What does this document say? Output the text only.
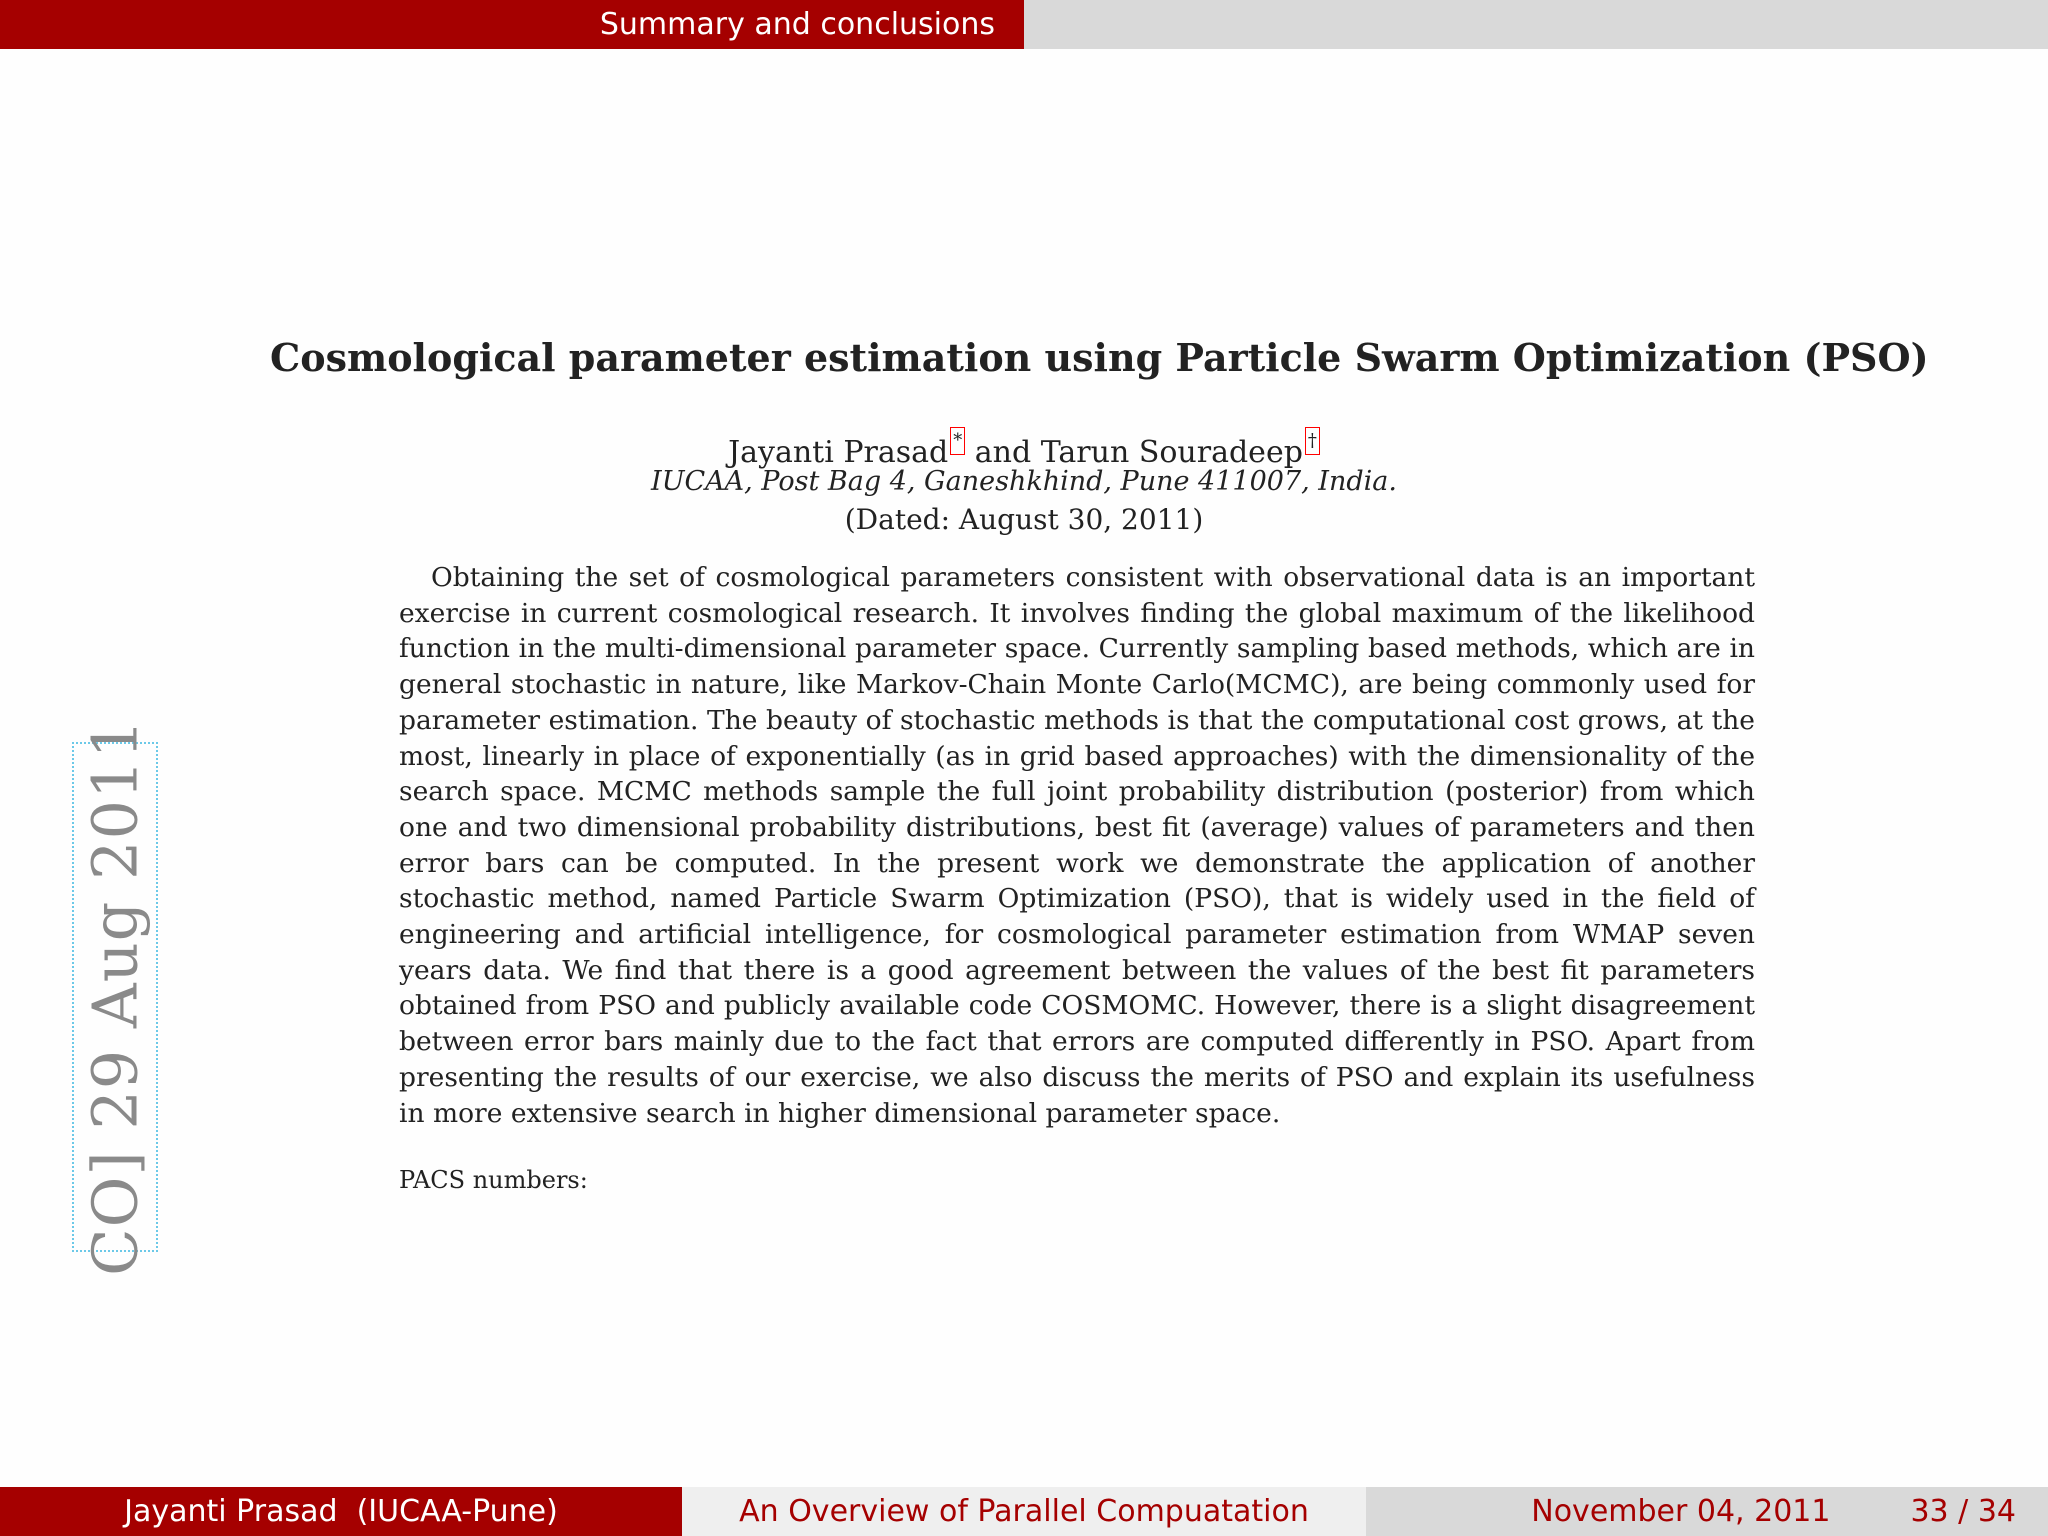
Summary and conclusions
CO] 29 Aug 2011
Cosmological parameter estimation using Particle Swarm Optimization (PSO)
Jayanti Prasad * and Tarun Souradeep †
IUCAA, Post Bag 4, Ganeshkhind, Pune 411007, India.
(Dated: August 30, 2011)

Obtaining the set of cosmological parameters consistent with observational data is an important exercise in current cosmological research. It involves finding the global maximum of the likelihood function in the multi-dimensional parameter space. Currently sampling based methods, which are in general stochastic in nature, like Markov-Chain Monte Carlo(MCMC), are being commonly used for parameter estimation. The beauty of stochastic methods is that the computational cost grows, at the most, linearly in place of exponentially (as in grid based approaches) with the dimensionality of the search space. MCMC methods sample the full joint probability distribution (posterior) from which one and two dimensional probability distributions, best fit (average) values of parameters and then error bars can be computed. In the present work we demonstrate the application of another stochastic method, named Particle Swarm Optimization (PSO), that is widely used in the field of engineering and artificial intelligence, for cosmological parameter estimation from WMAP seven years data. We find that there is a good agreement between the values of the best fit parameters obtained from PSO and publicly available code COSMOMC. However, there is a slight disagreement between error bars mainly due to the fact that errors are computed differently in PSO. Apart from presenting the results of our exercise, we also discuss the merits of PSO and explain its usefulness in more extensive search in higher dimensional parameter space.

PACS numbers:
Jayanti Prasad  (IUCAA-Pune)	An Overview of Parallel Compuatation	November 04, 2011	33 / 34
